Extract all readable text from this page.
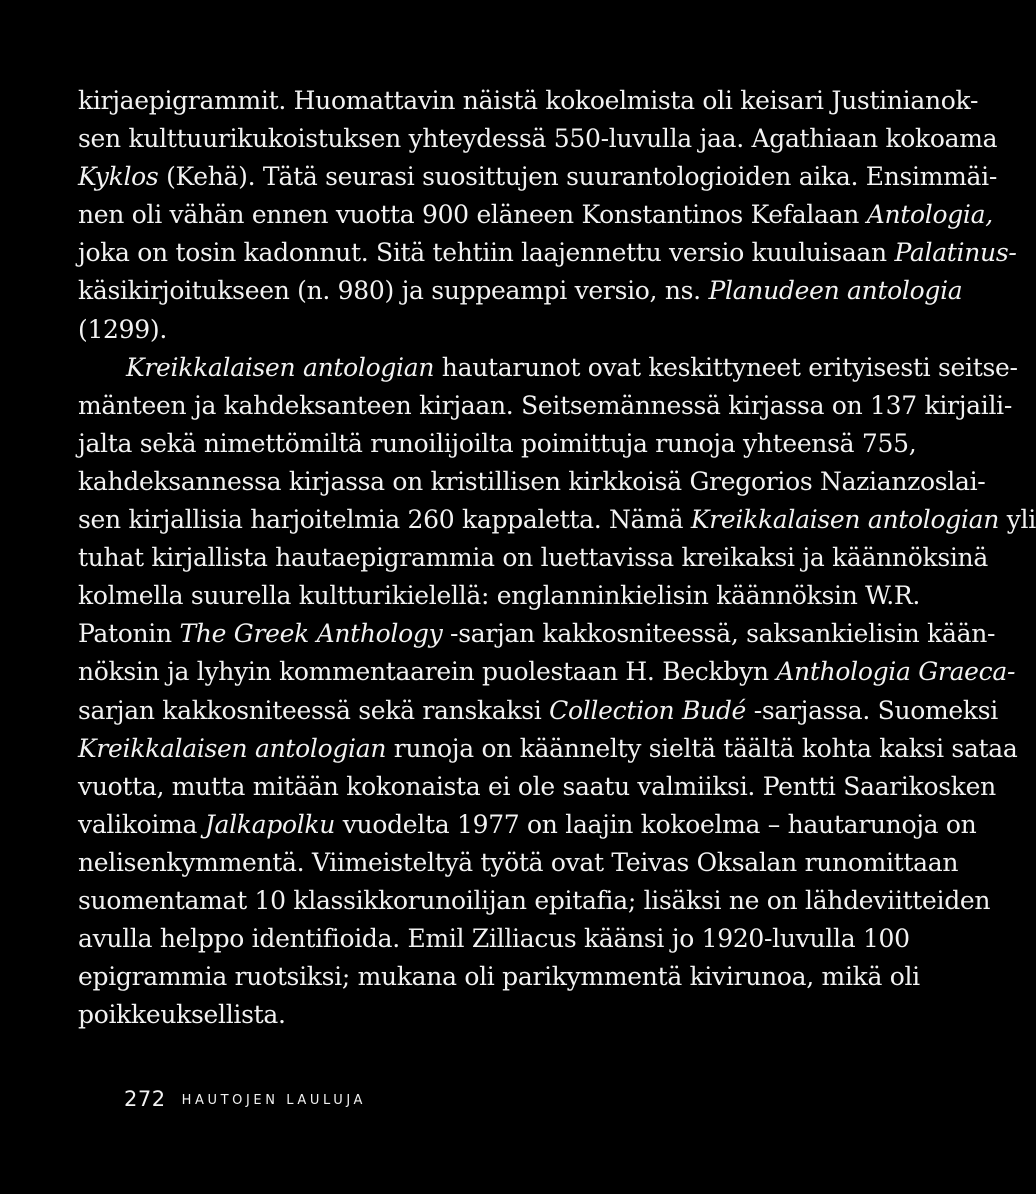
kirjaepigrammit. Huomattavin näistä kokoelmista oli keisari Justinianok-
sen kulttuurikukoistuksen yhteydessä 550-luvulla jaa. Agathiaan kokoama
Kyklos (Kehä). Tätä seurasi suosittujen suurantologioiden aika. Ensimmäi-
nen oli vähän ennen vuotta 900 eläneen Konstantinos Kefalaan Antologia,
joka on tosin kadonnut. Sitä tehtiin laajennettu versio kuuluisaan Palatinus-
käsikirjoitukseen (n. 980) ja suppeampi versio, ns. Planudeen antologia
(1299).
Kreikkalaisen antologian hautarunot ovat keskittyneet erityisesti seitse-
mänteen ja kahdeksanteen kirjaan. Seitsemännessä kirjassa on 137 kirjaili-
jalta sekä nimettömiltä runoilijoilta poimittuja runoja yhteensä 755,
kahdeksannessa kirjassa on kristillisen kirkkoisä Gregorios Nazianzoslai-
sen kirjallisia harjoitelmia 260 kappaletta. Nämä Kreikkalaisen antologian yli
tuhat kirjallista hautaepigrammia on luettavissa kreikaksi ja käännöksinä
kolmella suurella kultturikielellä: englanninkielisin käännöksin W.R.
Patonin The Greek Anthology -sarjan kakkosniteessä, saksankielisin kään-
nöksin ja lyhyin kommentaarein puolestaan H. Beckbyn Anthologia Graeca-
sarjan kakkosniteessä sekä ranskaksi Collection Budé -sarjassa. Suomeksi
Kreikkalaisen antologian runoja on käännelty sieltä täältä kohta kaksi sataa
vuotta, mutta mitään kokonaista ei ole saatu valmiiksi. Pentti Saarikosken
valikoima Jalkapolku vuodelta 1977 on laajin kokoelma – hautarunoja on
nelisenkymmentä. Viimeisteltyä työtä ovat Teivas Oksalan runomittaan
suomentamat 10 klassikkorunoilijan epitafia; lisäksi ne on lähdeviitteiden
avulla helppo identifioida. Emil Zilliacus käänsi jo 1920-luvulla 100
epigrammia ruotsiksi; mukana oli parikymmentä kivirunoa, mikä oli
poikkeuksellista.
272 HAUTOJEN LAULUJA
